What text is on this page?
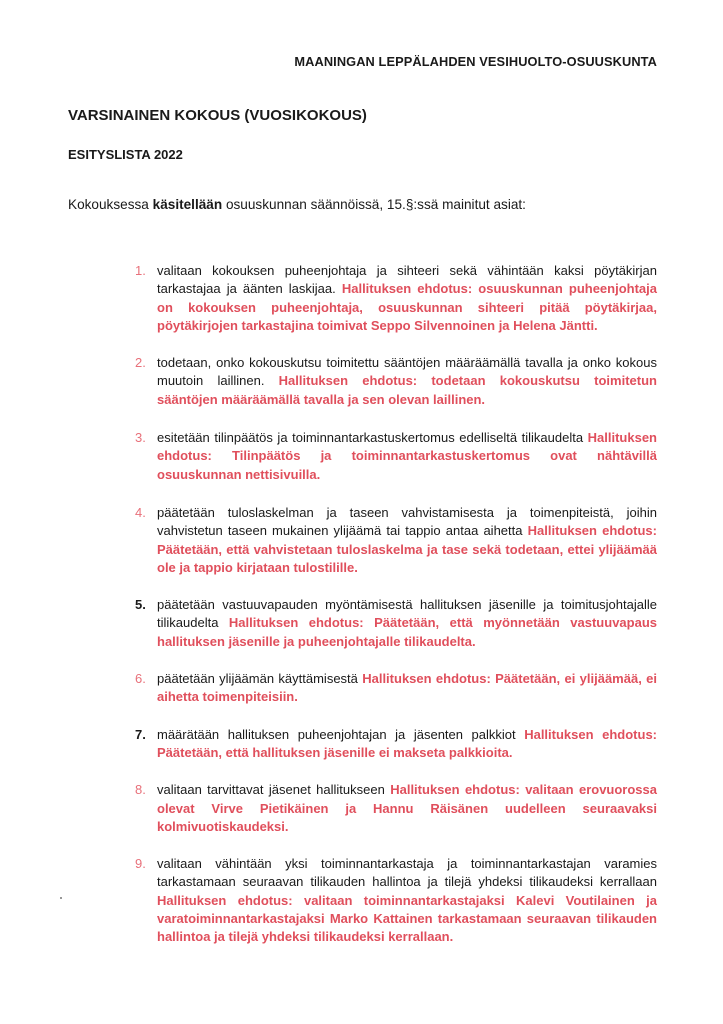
MAANINGAN LEPPÄLAHDEN VESIHUOLTO-OSUUSKUNTA
VARSINAINEN KOKOUS (VUOSIKOKOUS)
ESITYSLISTA 2022
Kokouksessa käsitellään osuuskunnan säännöissä, 15.§:ssä mainitut asiat:
1. valitaan kokouksen puheenjohtaja ja sihteeri sekä vähintään kaksi pöytäkirjan tarkastajaa ja äänten laskijaa. Hallituksen ehdotus: osuuskunnan puheenjohtaja on kokouksen puheenjohtaja, osuuskunnan sihteeri pitää pöytäkirjaa, pöytäkirjojen tarkastajina toimivat Seppo Silvennoinen ja Helena Jäntti.
2. todetaan, onko kokouskutsu toimitettu sääntöjen määräämällä tavalla ja onko kokous muutoin laillinen. Hallituksen ehdotus: todetaan kokouskutsu toimitetun sääntöjen määräämällä tavalla ja sen olevan laillinen.
3. esitetään tilinpäätös ja toiminnantarkastuskertomus edelliseltä tilikaudelta Hallituksen ehdotus: Tilinpäätös ja toiminnantarkastuskertomus ovat nähtävillä osuuskunnan nettisivuilla.
4. päätetään tuloslaskelman ja taseen vahvistamisesta ja toimenpiteistä, joihin vahvistetun taseen mukainen ylijäämä tai tappio antaa aihetta Hallituksen ehdotus: Päätetään, että vahvistetaan tuloslaskelma ja tase sekä todetaan, ettei ylijäämää ole ja tappio kirjataan tulostilille.
5. päätetään vastuuvapauden myöntämisestä hallituksen jäsenille ja toimitusjohtajalle tilikaudelta Hallituksen ehdotus: Päätetään, että myönnetään vastuuvapaus hallituksen jäsenille ja puheenjohtajalle tilikaudelta.
6. päätetään ylijäämän käyttämisestä Hallituksen ehdotus: Päätetään, ei ylijäämää, ei aihetta toimenpiteisiin.
7. määrätään hallituksen puheenjohtajan ja jäsenten palkkiot Hallituksen ehdotus: Päätetään, että hallituksen jäsenille ei makseta palkkioita.
8. valitaan tarvittavat jäsenet hallitukseen Hallituksen ehdotus: valitaan erovuorossa olevat Virve Pietikäinen ja Hannu Räisänen uudelleen seuraavaksi kolmivuotiskaudeksi.
9. valitaan vähintään yksi toiminnantarkastaja ja toiminnantarkastajan varamies tarkastamaan seuraavan tilikauden hallintoa ja tilejä yhdeksi tilikaudeksi kerrallaan Hallituksen ehdotus: valitaan toiminnantarkastajaksi Kalevi Voutilainen ja varatoiminnantarkastajaksi Marko Kattainen tarkastamaan seuraavan tilikauden hallintoa ja tilejä yhdeksi tilikaudeksi kerrallaan.
